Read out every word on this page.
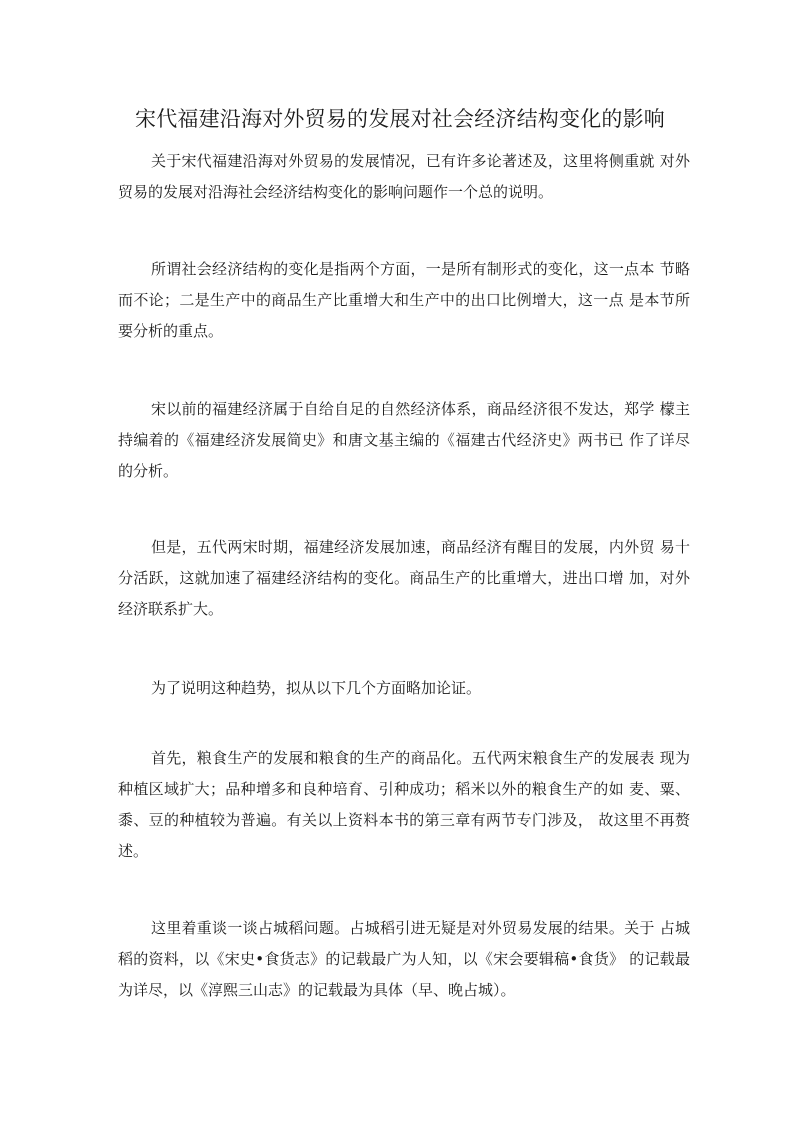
宋代福建沿海对外贸易的发展对社会经济结构变化的影响

关于宋代福建沿海对外贸易的发展情况，已有许多论著述及，这里将侧重就 对外贸易的发展对沿海社会经济结构变化的影响问题作一个总的说明。

所谓社会经济结构的变化是指两个方面，一是所有制形式的变化，这一点本 节略而不论；二是生产中的商品生产比重增大和生产中的出口比例增大，这一点 是本节所要分析的重点。

宋以前的福建经济属于自给自足的自然经济体系，商品经济很不发达，郑学 檬主持编着的《福建经济发展简史》和唐文基主编的《福建古代经济史》两书已 作了详尽的分析。

但是，五代两宋时期，福建经济发展加速，商品经济有醒目的发展，内外贸 易十分活跃，这就加速了福建经济结构的变化。商品生产的比重增大，进出口增 加，对外经济联系扩大。

为了说明这种趋势，拟从以下几个方面略加论证。

首先，粮食生产的发展和粮食的生产的商品化。五代两宋粮食生产的发展表 现为种植区域扩大；品种增多和良种培育、引种成功；稻米以外的粮食生产的如 麦、粟、黍、豆的种植较为普遍。有关以上资料本书的第三章有两节专门涉及， 故这里不再赘述。

这里着重谈一谈占城稻问题。占城稻引进无疑是对外贸易发展的结果。关于 占城稻的资料，以《宋史•食货志》的记载最广为人知，以《宋会要辑稿•食货》 的记载最为详尽，以《淳熙三山志》的记载最为具体（早、晚占城）。
